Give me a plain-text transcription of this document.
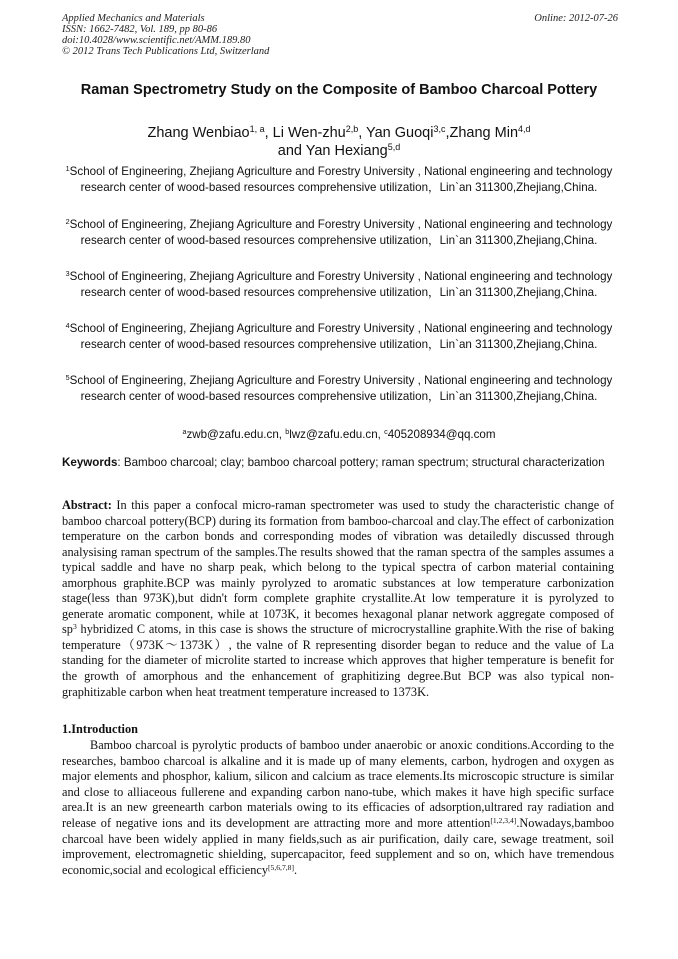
Applied Mechanics and Materials
ISSN: 1662-7482, Vol. 189, pp 80-86
doi:10.4028/www.scientific.net/AMM.189.80
© 2012 Trans Tech Publications Ltd, Switzerland
Online: 2012-07-26
Raman Spectrometry Study on the Composite of Bamboo Charcoal Pottery
Zhang Wenbiao$^{1, a}$, Li Wen-zhu$^{2,b}$, Yan Guoqi$^{3,c}$,Zhang Min$^{4,d}$
and Yan Hexiang$^{5,d}$
$^1$School of Engineering, Zhejiang Agriculture and Forestry University , National engineering and technology research center of wood-based resources comprehensive utilization，Lin`an 311300,Zhejiang,China.
$^2$School of Engineering, Zhejiang Agriculture and Forestry University , National engineering and technology research center of wood-based resources comprehensive utilization，Lin`an 311300,Zhejiang,China.
$^3$School of Engineering, Zhejiang Agriculture and Forestry University , National engineering and technology research center of wood-based resources comprehensive utilization，Lin`an 311300,Zhejiang,China.
$^4$School of Engineering, Zhejiang Agriculture and Forestry University , National engineering and technology research center of wood-based resources comprehensive utilization，Lin`an 311300,Zhejiang,China.
$^5$School of Engineering, Zhejiang Agriculture and Forestry University , National engineering and technology research center of wood-based resources comprehensive utilization，Lin`an 311300,Zhejiang,China.
$^a$zwb@zafu.edu.cn, $^b$lwz@zafu.edu.cn, $^c$405208934@qq.com
Keywords: Bamboo charcoal; clay; bamboo charcoal pottery; raman spectrum; structural characterization
Abstract: In this paper a confocal micro-raman spectrometer was used to study the characteristic change of bamboo charcoal pottery(BCP) during its formation from bamboo-charcoal and clay.The effect of carbonization temperature on the carbon bonds and corresponding modes of vibration was detailedly discussed through analysising raman spectrum of the samples.The results showed that the raman spectra of the samples assumes a typical saddle and have no sharp peak, which belong to the typical spectra of carbon material containing amorphous graphite.BCP was mainly pyrolyzed to aromatic substances at low temperature carbonization stage(less than 973K),but didn't form complete graphite crystallite.At low temperature it is pyrolyzed to generate aromatic component, while at 1073K, it becomes hexagonal planar network aggregate composed of $sp^3$ hybridized C atoms, in this case is shows the structure of microcrystalline graphite.With the rise of baking temperature（973K～1373K）, the valne of R representing disorder began to reduce and the value of La standing for the diameter of microlite started to increase which approves that higher temperature is benefit for the growth of amorphous and the enhancement of graphitizing degree.But BCP was also typical non-graphitizable carbon when heat treatment temperature increased to 1373K.
1.Introduction
Bamboo charcoal is pyrolytic products of bamboo under anaerobic or anoxic conditions.According to the researches, bamboo charcoal is alkaline and it is made up of many elements, carbon, hydrogen and oxygen as major elements and phosphor, kalium, silicon and calcium as trace elements.Its microscopic structure is similar and close to alliaceous fullerene and expanding carbon nano-tube, which makes it have high specific surface area.It is an new greenearth carbon materials owing to its efficacies of adsorption,ultrared ray radiation and release of negative ions and its development are attracting more and more attention[1,2,3,4].Nowadays,bamboo charcoal have been widely applied in many fields,such as air purification, daily care, sewage treatment, soil improvement, electromagnetic shielding, supercapacitor, feed supplement and so on, which have tremendous economic,social and ecological efficiency[5,6,7,8].
